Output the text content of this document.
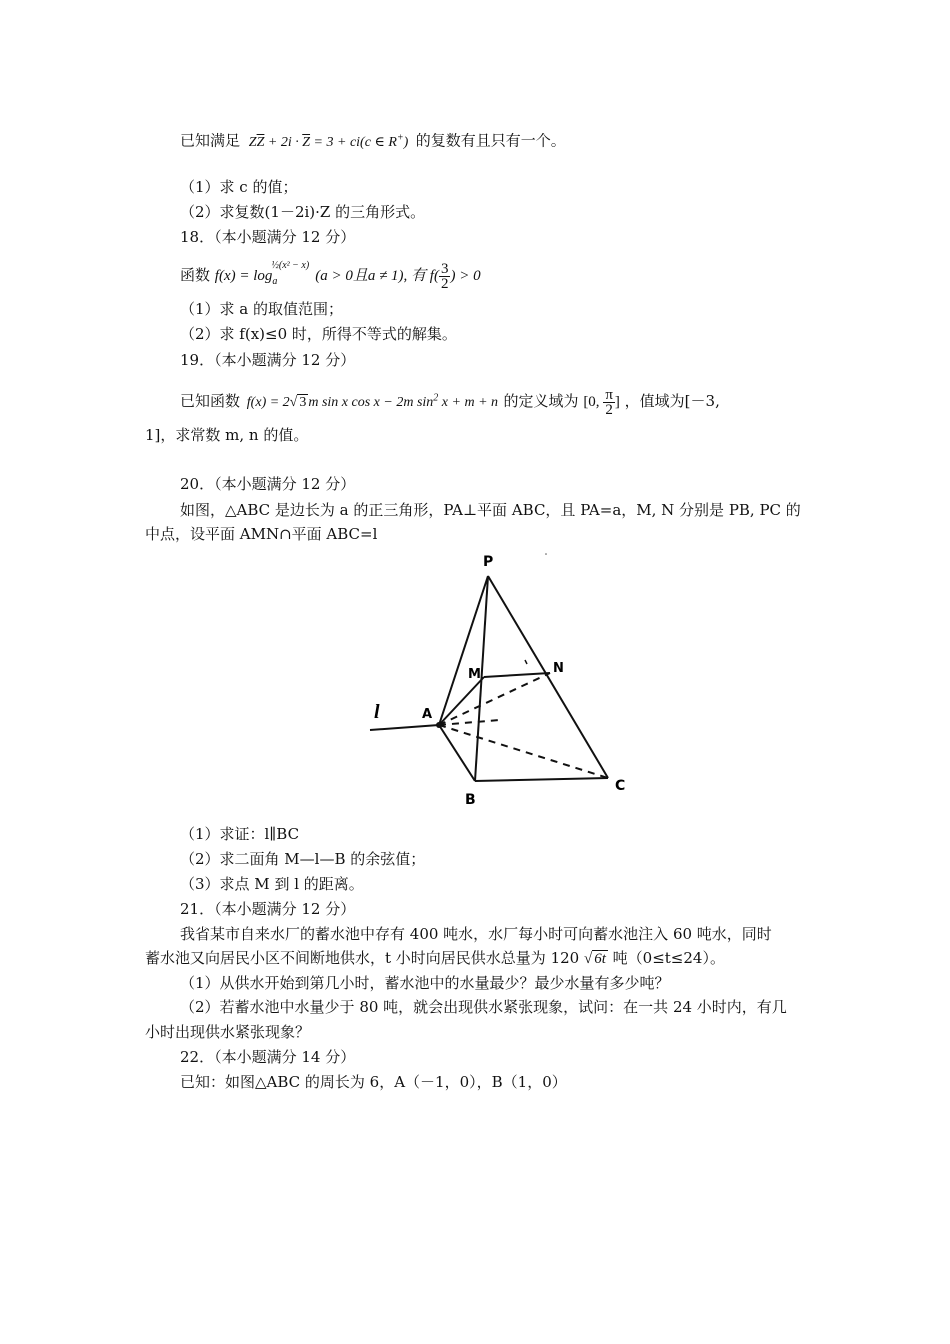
已知满足 $Z\overline{Z} + 2i \cdot \overline{Z} = 3 + ci(c$ ∈ R+) 的复数有且只有一个。
（1）求 c 的值；
（2）求复数(1－2i)·Z 的三角形式。
18．（本小题满分 12 分）
函数 $f(x) = \log_a^{\frac{1}{2}(x^2 - x)}(a > 0$且a ≠ 1), 有 $f( \frac{3}{2}$ ) > 0
（1）求 a 的取值范围；
（2）求 f(x)≤0 时，所得不等式的解集。
19．（本小题满分 12 分）
已知函数 f(x) = 2√ 3 m sin x cos x − 2m $\sin^2 x + m + n$ 的定义域为 [0, $\frac{\pi}{2}$ ] ，值域为[－3,
1]，求常数 m, n 的值。
20．（本小题满分 12 分）
如图，△ABC 是边长为 a 的正三角形，PA⊥平面 ABC，且 PA=a，M, N 分别是 PB, PC 的
中点，设平面 AMN∩平面 ABC=l
P
M	N
A
B
C
l
（1）求证：l∥BC
（2）求二面角 M—l—B 的余弦值；
（3）求点 M 到 l 的距离。
21．（本小题满分 12 分）
我省某市自来水厂的蓄水池中存有 400 吨水，水厂每小时可向蓄水池注入 60 吨水，同时
蓄水池又向居民小区不间断地供水，t 小时向居民供水总量为 120 √ 6t 吨（0≤t≤24）。
（1）从供水开始到第几小时，蓄水池中的水量最少？最少水量有多少吨？
（2）若蓄水池中水量少于 80 吨，就会出现供水紧张现象，试问：在一共 24 小时内，有几
小时出现供水紧张现象？
22．（本小题满分 14 分）
已知：如图△ABC 的周长为 6，A（－1，0），B（1，0）
